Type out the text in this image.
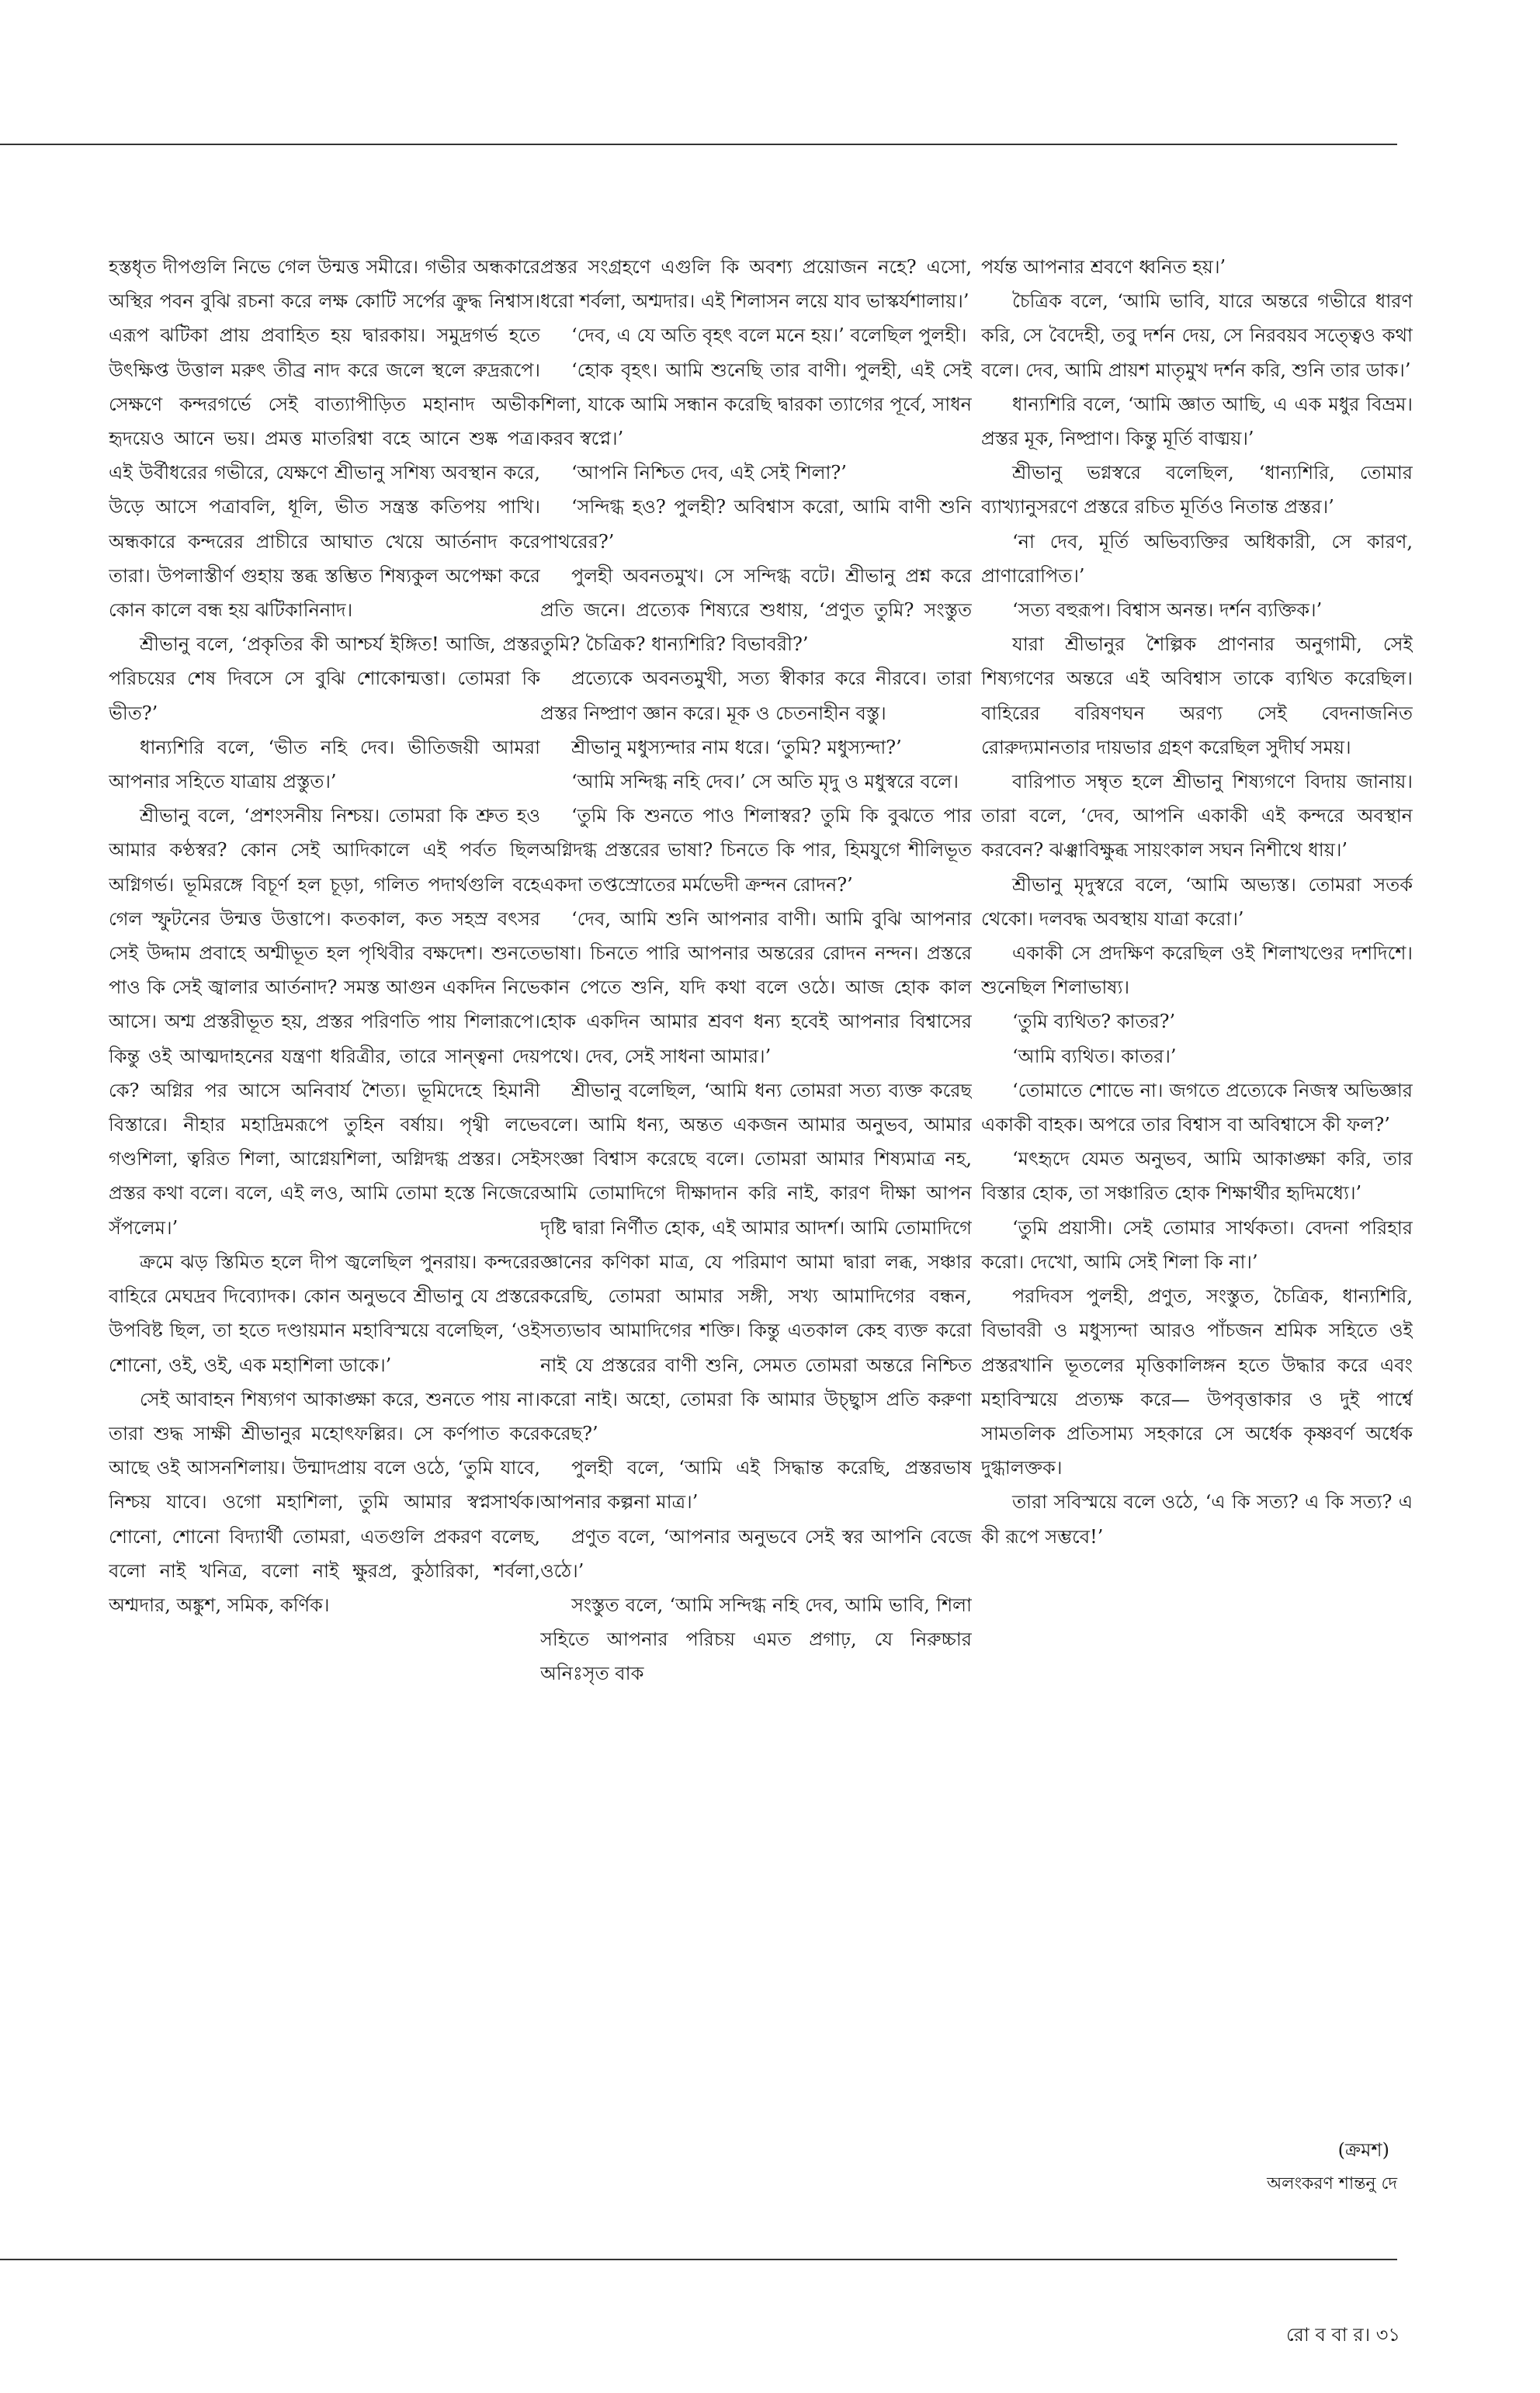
হস্তধৃত দীপগুলি নিভে গেল উন্মত্ত সমীরে। গভীর অন্ধকারে অস্থির পবন বুঝি রচনা করে লক্ষ কোটি সর্পের ক্রুদ্ধ নিশ্বাস। এরূপ ঝটিকা প্রায় প্রবাহিত হয় দ্বারকায়। সমুদ্রগর্ভ হতে উৎক্ষিপ্ত উত্তাল মরুৎ তীব্র নাদ করে জলে স্থলে রুদ্ররূপে। সেক্ষণে কন্দরগর্ভে সেই বাত্যাপীড়িত মহানাদ অভীক হৃদয়েও আনে ভয়। প্রমত্ত মাতরিশ্বা বহে আনে শুষ্ক পত্র। এই উর্বীধরের গভীরে, যেক্ষণে শ্রীভানু সশিষ্য অবস্থান করে, উড়ে আসে পত্রাবলি, ধূলি, ভীত সন্ত্রস্ত কতিপয় পাখি। অন্ধকারে কন্দরের প্রাচীরে আঘাত খেয়ে আর্তনাদ করে তারা। উপলাস্তীর্ণ গুহায় স্তব্ধ স্তম্ভিত শিষ্যকুল অপেক্ষা করে কোন কালে বন্ধ হয় ঝটিকানিনাদ।

শ্রীভানু বলে, ‘প্রকৃতির কী আশ্চর্য ইঙ্গিত! আজি, প্রস্তর পরিচয়ের শেষ দিবসে সে বুঝি শোকোন্মত্তা। তোমরা কি ভীত?’

ধান্যশিরি বলে, ‘ভীত নহি দেব। ভীতিজয়ী আমরা আপনার সহিতে যাত্রায় প্রস্তুত।’

শ্রীভানু বলে, ‘প্রশংসনীয় নিশ্চয়। তোমরা কি শ্রুত হও আমার কণ্ঠস্বর? কোন সেই আদিকালে এই পর্বত ছিল অগ্নিগর্ভ। ভূমিরঙ্গে বিচূর্ণ হল চূড়া, গলিত পদার্থগুলি বহে গেল স্ফুটনের উন্মত্ত উত্তাপে। কতকাল, কত সহস্র বৎসর সেই উদ্দাম প্রবাহে অশ্মীভূত হল পৃথিবীর বক্ষদেশ। শুনতে পাও কি সেই জ্বালার আর্তনাদ? সমস্ত আগুন একদিন নিভে আসে। অশ্ম প্রস্তরীভূত হয়, প্রস্তর পরিণতি পায় শিলারূপে। কিন্তু ওই আত্মদাহনের যন্ত্রণা ধরিত্রীর, তারে সান্ত্বনা দেয় কে? অগ্নির পর আসে অনিবার্য শৈত্য। ভূমিদেহে হিমানী বিস্তারে। নীহার মহাদ্রিমরূপে তুহিন বর্ষায়। পৃথ্বী লভে গণ্ডশিলা, ত্বরিত শিলা, আগ্নেয়শিলা, অগ্নিদগ্ধ প্রস্তর। সেই প্রস্তর কথা বলে। বলে, এই লও, আমি তোমা হস্তে নিজেরে সঁপলেম।’

ক্রমে ঝড় স্তিমিত হলে দীপ জ্বলেছিল পুনরায়। কন্দরের বাহিরে মেঘদ্রব দিব্যোদক। কোন অনুভবে শ্রীভানু যে প্রস্তরে উপবিষ্ট ছিল, তা হতে দণ্ডায়মান মহাবিস্ময়ে বলেছিল, ‘ওই শোনো, ওই, ওই, এক মহাশিলা ডাকে।’

সেই আবাহন শিষ্যগণ আকাঙ্ক্ষা করে, শুনতে পায় না। তারা শুদ্ধ সাক্ষী শ্রীভানুর মহোৎফল্লির। সে কর্ণপাত করে আছে ওই আসনশিলায়। উন্মাদপ্রায় বলে ওঠে, ‘তুমি যাবে, নিশ্চয় যাবে। ওগো মহাশিলা, তুমি আমার স্বপ্নসার্থক। শোনো, শোনো বিদ্যার্থী তোমরা, এতগুলি প্রকরণ বলেছ, বলো নাই খনিত্র, বলো নাই ক্ষুরপ্র, কুঠারিকা, শর্বলা, অশ্মদার, অঙ্কুশ, সমিক, কর্ণিক।

প্রস্তর সংগ্রহণে এগুলি কি অবশ্য প্রয়োজন নহে? এসো, ধরো শর্বলা, অশ্মদার। এই শিলাসন লয়ে যাব ভাস্কর্যশালায়।’

‘দেব, এ যে অতি বৃহৎ বলে মনে হয়।’ বলেছিল পুলহী।

‘হোক বৃহৎ। আমি শুনেছি তার বাণী। পুলহী, এই সেই শিলা, যাকে আমি সন্ধান করেছি দ্বারকা ত্যাগের পূর্বে, সাধন করব স্বপ্নে।’

‘আপনি নিশ্চিত দেব, এই সেই শিলা?’

‘সন্দিগ্ধ হও? পুলহী? অবিশ্বাস করো, আমি বাণী শুনি পাথরের?’

পুলহী অবনতমুখ। সে সন্দিগ্ধ বটে। শ্রীভানু প্রশ্ন করে প্রতি জনে। প্রত্যেক শিষ্যরে শুধায়, ‘প্রণুত তুমি? সংস্তুত তুমি? চৈত্রিক? ধান্যশিরি? বিভাবরী?’

প্রত্যেকে অবনতমুখী, সত্য স্বীকার করে নীরবে। তারা প্রস্তর নিষ্প্রাণ জ্ঞান করে। মূক ও চেতনাহীন বস্তু।

শ্রীভানু মধুস্যন্দার নাম ধরে। ‘তুমি? মধুস্যন্দা?’

‘আমি সন্দিগ্ধ নহি দেব।’ সে অতি মৃদু ও মধুস্বরে বলে।

‘তুমি কি শুনতে পাও শিলাস্বর? তুমি কি বুঝতে পার অগ্নিদগ্ধ প্রস্তরের ভাষা? চিনতে কি পার, হিমযুগে শীলিভূত একদা তপ্তস্রোতের মর্মভেদী ক্রন্দন রোদন?’

‘দেব, আমি শুনি আপনার বাণী। আমি বুঝি আপনার ভাষা। চিনতে পারি আপনার অন্তরের রোদন নন্দন। প্রস্তরে কান পেতে শুনি, যদি কথা বলে ওঠে। আজ হোক কাল হোক একদিন আমার শ্রবণ ধন্য হবেই আপনার বিশ্বাসের পথে। দেব, সেই সাধনা আমার।’

শ্রীভানু বলেছিল, ‘আমি ধন্য তোমরা সত্য ব্যক্ত করেছ বলে। আমি ধন্য, অন্তত একজন আমার অনুভব, আমার সংজ্ঞা বিশ্বাস করেছে বলে। তোমরা আমার শিষ্যমাত্র নহ, আমি তোমাদিগে দীক্ষাদান করি নাই, কারণ দীক্ষা আপন দৃষ্টি দ্বারা নির্ণীত হোক, এই আমার আদর্শ। আমি তোমাদিগে জ্ঞানের কণিকা মাত্র, যে পরিমাণ আমা দ্বারা লব্ধ, সঞ্চার করেছি, তোমরা আমার সঙ্গী, সখ্য আমাদিগের বন্ধন, সত্যভাব আমাদিগের শক্তি। কিন্তু এতকাল কেহ ব্যক্ত করো নাই যে প্রস্তরের বাণী শুনি, সেমত তোমরা অন্তরে নিশ্চিত করো নাই। অহো, তোমরা কি আমার উচ্ছ্বাস প্রতি করুণা করেছ?’

পুলহী বলে, ‘আমি এই সিদ্ধান্ত করেছি, প্রস্তরভাষ আপনার কল্পনা মাত্র।’

প্রণুত বলে, ‘আপনার অনুভবে সেই স্বর আপনি বেজে ওঠে।’

সংস্তুত বলে, ‘আমি সন্দিগ্ধ নহি দেব, আমি ভাবি, শিলা সহিতে আপনার পরিচয় এমত প্রগাঢ়, যে নিরুচ্চার অনিঃসৃত বাক

পর্যন্ত আপনার শ্রবণে ধ্বনিত হয়।’

চৈত্রিক বলে, ‘আমি ভাবি, যারে অন্তরে গভীরে ধারণ করি, সে বৈদেহী, তবু দর্শন দেয়, সে নিরবয়ব সত্ত্বেও কথা বলে। দেব, আমি প্রায়শ মাতৃমুখ দর্শন করি, শুনি তার ডাক।’

ধান্যশিরি বলে, ‘আমি জ্ঞাত আছি, এ এক মধুর বিভ্রম। প্রস্তর মূক, নিষ্প্রাণ। কিন্তু মূর্তি বাঙ্ময়।’

শ্রীভানু ভগ্নস্বরে বলেছিল, ‘ধান্যশিরি, তোমার ব্যাখ্যানুসরণে প্রস্তরে রচিত মূর্তিও নিতান্ত প্রস্তর।’

‘না দেব, মূর্তি অভিব্যক্তির অধিকারী, সে কারণ, প্রাণারোপিত।’

‘সত্য বহুরূপ। বিশ্বাস অনন্ত। দর্শন ব্যক্তিক।’

যারা শ্রীভানুর শৈল্পিক প্রাণনার অনুগামী, সেই শিষ্যগণের অন্তরে এই অবিশ্বাস তাকে ব্যথিত করেছিল। বাহিরের বরিষণঘন অরণ্য সেই বেদনাজনিত রোরুদ্যমানতার দায়ভার গ্রহণ করেছিল সুদীর্ঘ সময়।

বারিপাত সম্বৃত হলে শ্রীভানু শিষ্যগণে বিদায় জানায়। তারা বলে, ‘দেব, আপনি একাকী এই কন্দরে অবস্থান করবেন? ঝঞ্ঝাবিক্ষুব্ধ সায়ংকাল সঘন নিশীথে ধায়।’

শ্রীভানু মৃদুস্বরে বলে, ‘আমি অভ্যস্ত। তোমরা সতর্ক থেকো। দলবদ্ধ অবস্থায় যাত্রা করো।’

একাকী সে প্রদক্ষিণ করেছিল ওই শিলাখণ্ডের দশদিশে। শুনেছিল শিলাভাষ্য।

‘তুমি ব্যথিত? কাতর?’

‘আমি ব্যথিত। কাতর।’

‘তোমাতে শোভে না। জগতে প্রত্যেকে নিজস্ব অভিজ্ঞার একাকী বাহক। অপরে তার বিশ্বাস বা অবিশ্বাসে কী ফল?’

‘মৎহৃদে যেমত অনুভব, আমি আকাঙ্ক্ষা করি, তার বিস্তার হোক, তা সঞ্চারিত হোক শিক্ষার্থীর হৃদিমধ্যে।’

‘তুমি প্রয়াসী। সেই তোমার সার্থকতা। বেদনা পরিহার করো। দেখো, আমি সেই শিলা কি না।’

পরদিবস পুলহী, প্রণুত, সংস্তুত, চৈত্রিক, ধান্যশিরি, বিভাবরী ও মধুস্যন্দা আরও পাঁচজন শ্রমিক সহিতে ওই প্রস্তরখানি ভূতলের মৃত্তিকালিঙ্গন হতে উদ্ধার করে এবং মহাবিস্ময়ে প্রত্যক্ষ করে— উপবৃত্তাকার ও দুই পার্শ্বে সামতলিক প্রতিসাম্য সহকারে সে অর্ধেক কৃষ্ণবর্ণ অর্ধেক দুগ্ধালক্তক।

তারা সবিস্ময়ে বলে ওঠে, ‘এ কি সত্য? এ কি সত্য? এ কী রূপে সম্ভবে!’

(ক্রমশ)
অলংকরণ শান্তনু দে
রো ব বা র। ৩১
